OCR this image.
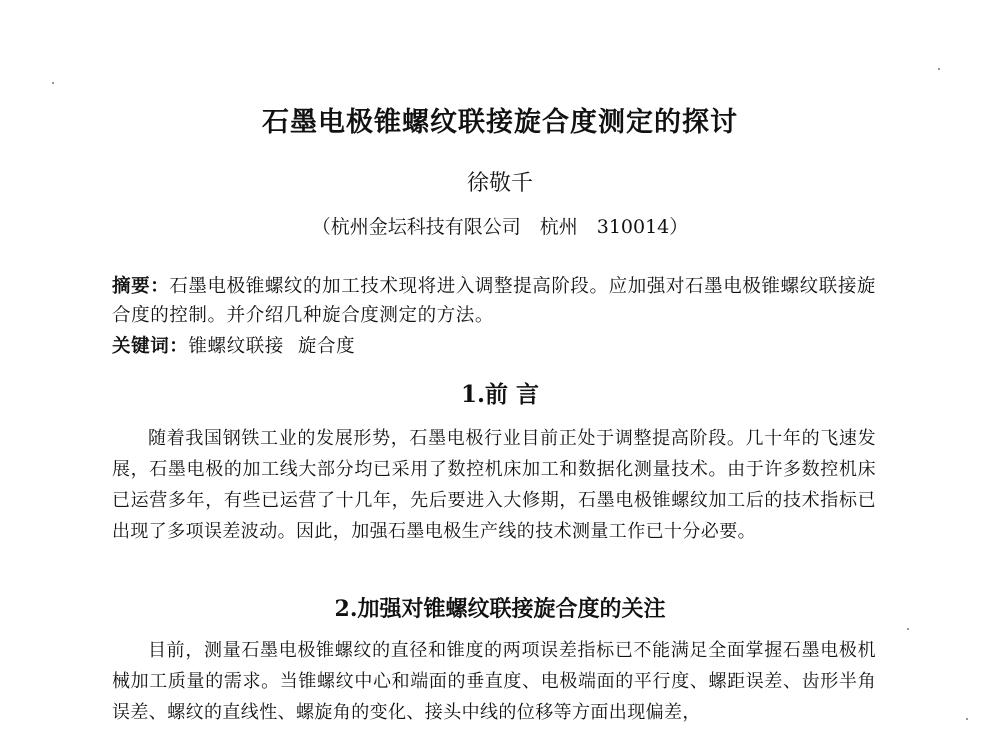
石墨电极锥螺纹联接旋合度测定的探讨
徐敬千
（杭州金坛科技有限公司　杭州　310014）
摘要：石墨电极锥螺纹的加工技术现将进入调整提高阶段。应加强对石墨电极锥螺纹联接旋合度的控制。并介绍几种旋合度测定的方法。
关键词：锥螺纹联接 旋合度
1.前 言
随着我国钢铁工业的发展形势，石墨电极行业目前正处于调整提高阶段。几十年的飞速发展，石墨电极的加工线大部分均已采用了数控机床加工和数据化测量技术。由于许多数控机床已运营多年，有些已运营了十几年，先后要进入大修期，石墨电极锥螺纹加工后的技术指标已出现了多项误差波动。因此，加强石墨电极生产线的技术测量工作已十分必要。
2.加强对锥螺纹联接旋合度的关注
目前，测量石墨电极锥螺纹的直径和锥度的两项误差指标已不能满足全面掌握石墨电极机械加工质量的需求。当锥螺纹中心和端面的垂直度、电极端面的平行度、螺距误差、齿形半角误差、螺纹的直线性、螺旋角的变化、接头中线的位移等方面出现偏差，
